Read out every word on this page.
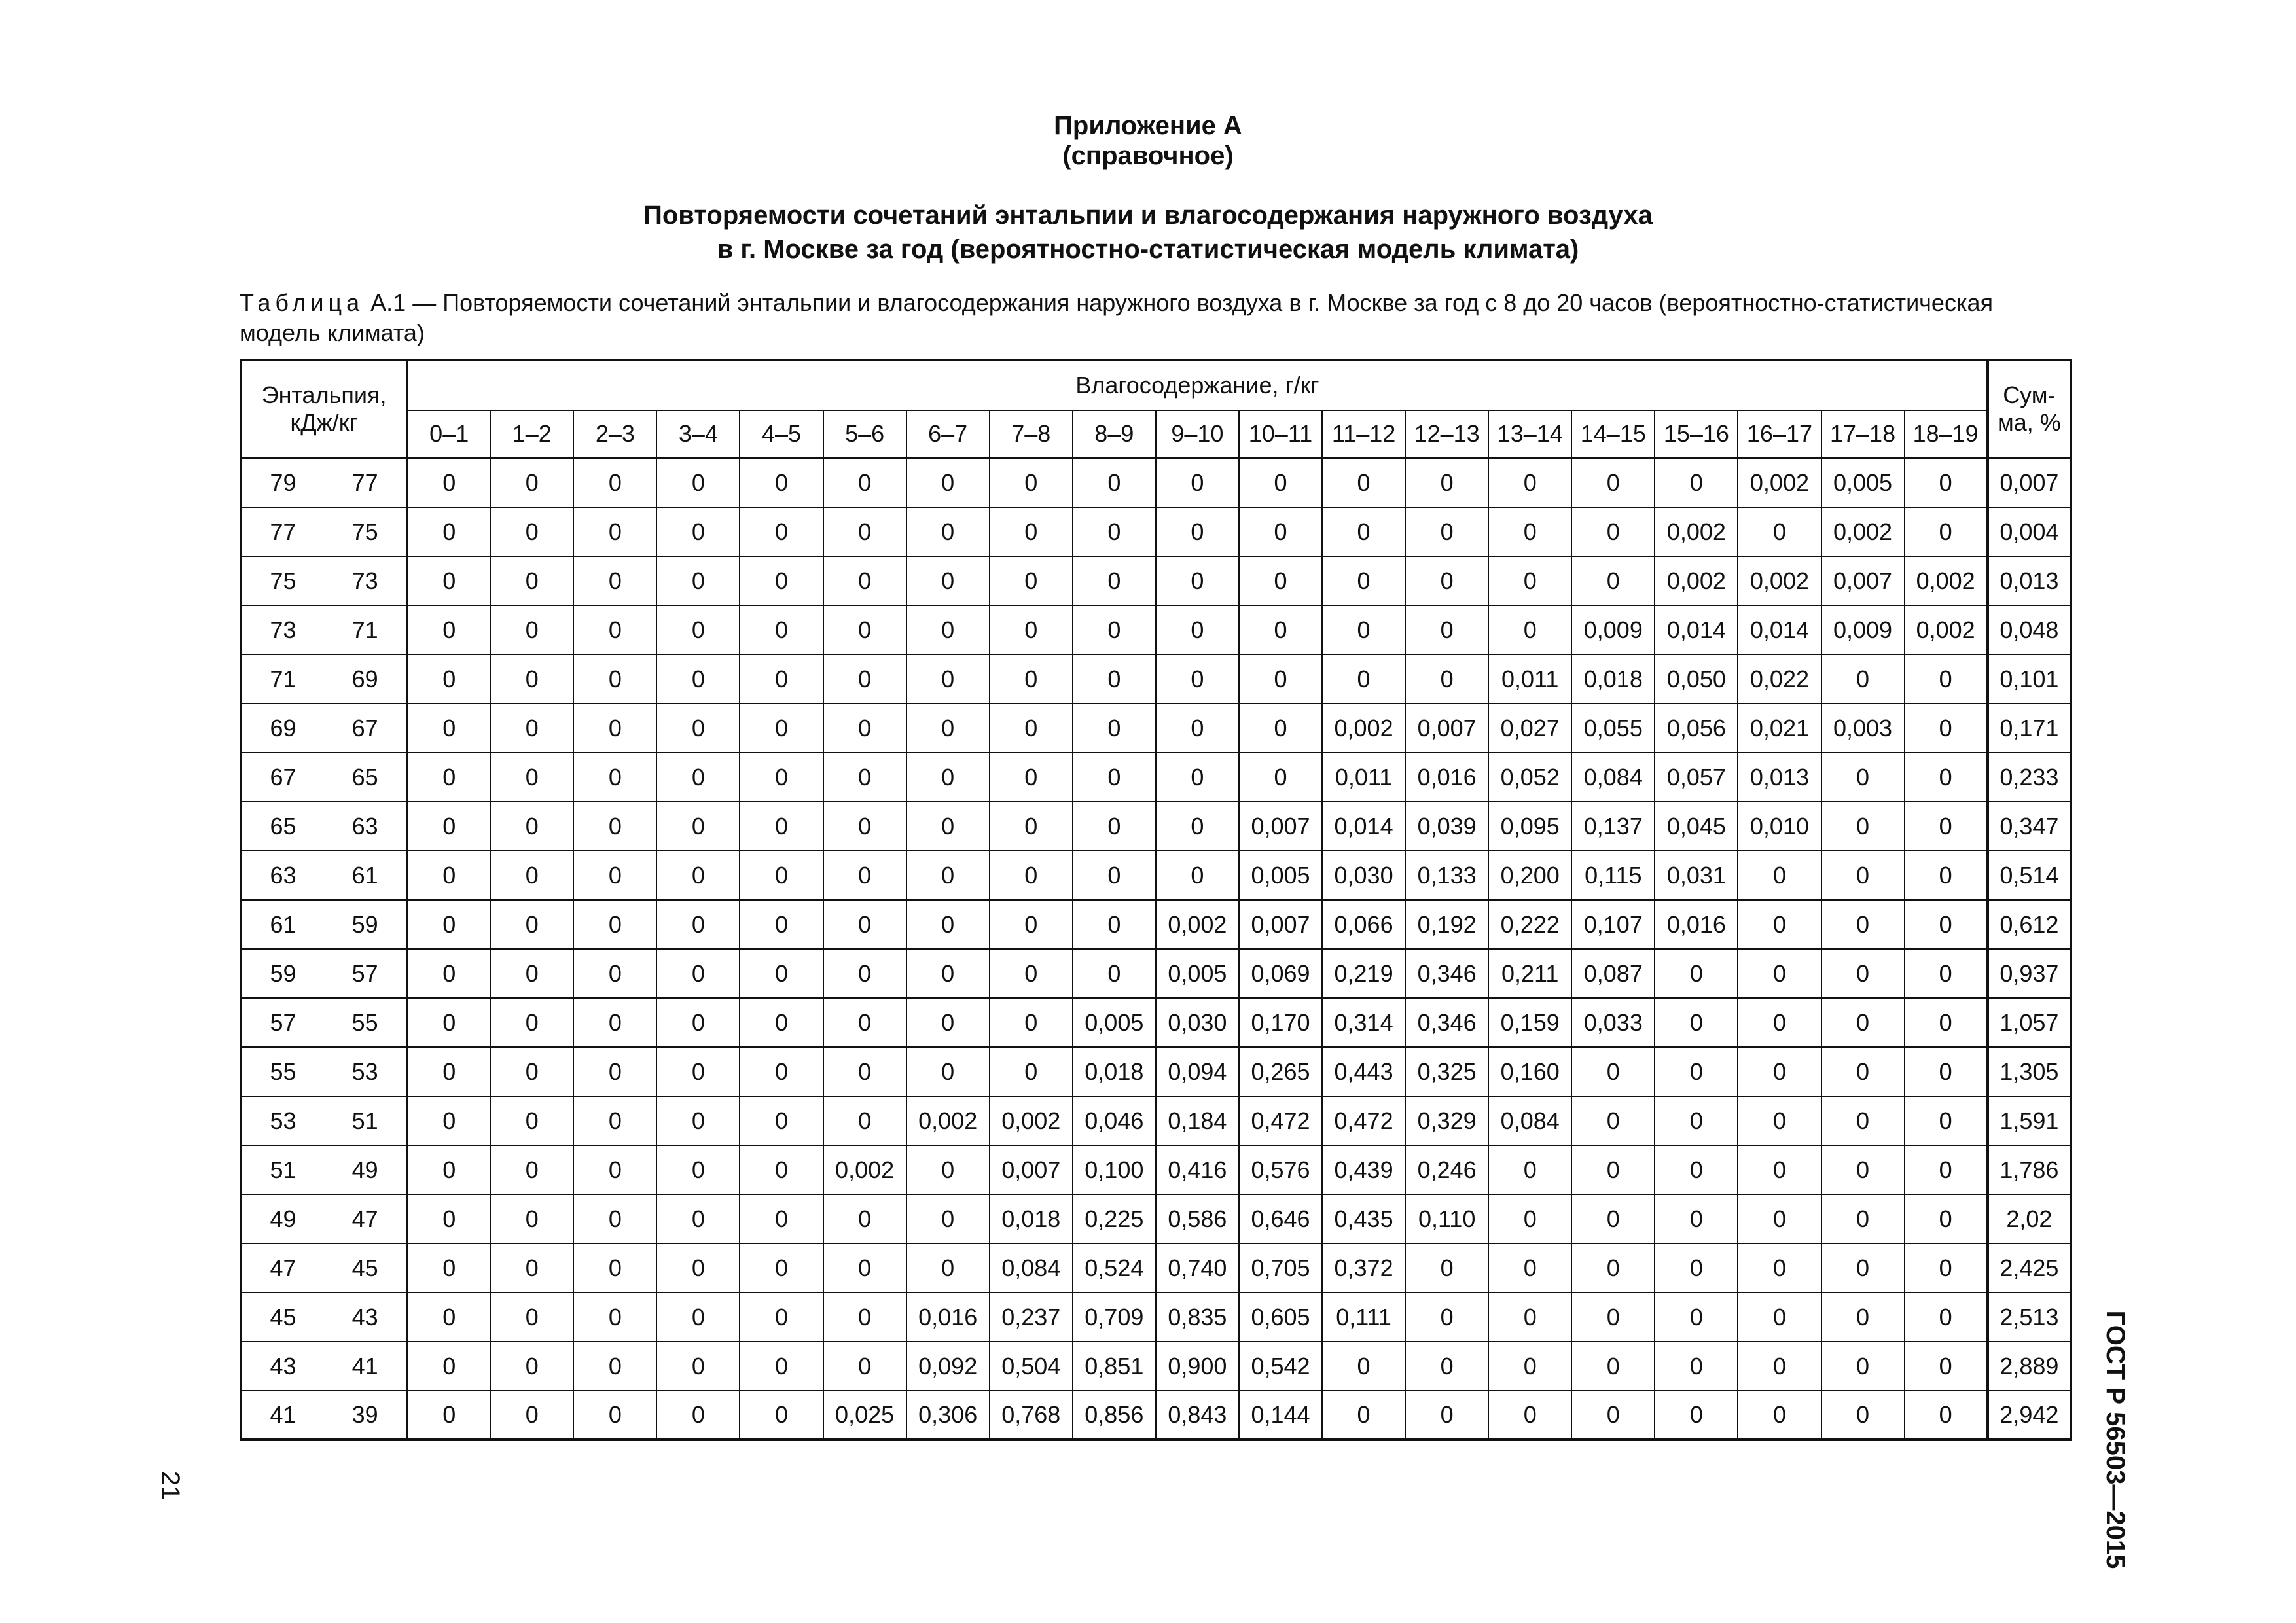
Приложение А
(справочное)
Повторяемости сочетаний энтальпии и влагосодержания наружного воздуха
в г. Москве за год (вероятностно-статистическая модель климата)
Таблица А.1 — Повторяемости сочетаний энтальпии и влагосодержания наружного воздуха в г. Москве за год с 8 до 20 часов (вероятностно-статистическая
модель климата)
Энтальпия,
кДж/кг		Влагосодержание, г/кг																			Сум-
ма, %
		0–1	1–2	2–3	3–4	4–5	5–6	6–7	7–8	8–9	9–10	10–11	11–12	12–13	13–14	14–15	15–16	16–17	17–18	18–19	
79	77	0	0	0	0	0	0	0	0	0	0	0	0	0	0	0	0	0,002	0,005	0	0,007
77	75	0	0	0	0	0	0	0	0	0	0	0	0	0	0	0	0,002	0	0,002	0	0,004
75	73	0	0	0	0	0	0	0	0	0	0	0	0	0	0	0	0,002	0,002	0,007	0,002	0,013
73	71	0	0	0	0	0	0	0	0	0	0	0	0	0	0	0,009	0,014	0,014	0,009	0,002	0,048
71	69	0	0	0	0	0	0	0	0	0	0	0	0	0	0,011	0,018	0,050	0,022	0	0	0,101
69	67	0	0	0	0	0	0	0	0	0	0	0	0,002	0,007	0,027	0,055	0,056	0,021	0,003	0	0,171
67	65	0	0	0	0	0	0	0	0	0	0	0	0,011	0,016	0,052	0,084	0,057	0,013	0	0	0,233
65	63	0	0	0	0	0	0	0	0	0	0	0,007	0,014	0,039	0,095	0,137	0,045	0,010	0	0	0,347
63	61	0	0	0	0	0	0	0	0	0	0	0,005	0,030	0,133	0,200	0,115	0,031	0	0	0	0,514
61	59	0	0	0	0	0	0	0	0	0	0,002	0,007	0,066	0,192	0,222	0,107	0,016	0	0	0	0,612
59	57	0	0	0	0	0	0	0	0	0	0,005	0,069	0,219	0,346	0,211	0,087	0	0	0	0	0,937
57	55	0	0	0	0	0	0	0	0	0,005	0,030	0,170	0,314	0,346	0,159	0,033	0	0	0	0	1,057
55	53	0	0	0	0	0	0	0	0	0,018	0,094	0,265	0,443	0,325	0,160	0	0	0	0	0	1,305
53	51	0	0	0	0	0	0	0,002	0,002	0,046	0,184	0,472	0,472	0,329	0,084	0	0	0	0	0	1,591
51	49	0	0	0	0	0	0,002	0	0,007	0,100	0,416	0,576	0,439	0,246	0	0	0	0	0	0	1,786
49	47	0	0	0	0	0	0	0	0,018	0,225	0,586	0,646	0,435	0,110	0	0	0	0	0	0	2,02
47	45	0	0	0	0	0	0	0	0,084	0,524	0,740	0,705	0,372	0	0	0	0	0	0	0	2,425
45	43	0	0	0	0	0	0	0,016	0,237	0,709	0,835	0,605	0,111	0	0	0	0	0	0	0	2,513
43	41	0	0	0	0	0	0	0,092	0,504	0,851	0,900	0,542	0	0	0	0	0	0	0	0	2,889
41	39	0	0	0	0	0	0,025	0,306	0,768	0,856	0,843	0,144	0	0	0	0	0	0	0	0	2,942 ГОСТ Р 56503—2015
21
